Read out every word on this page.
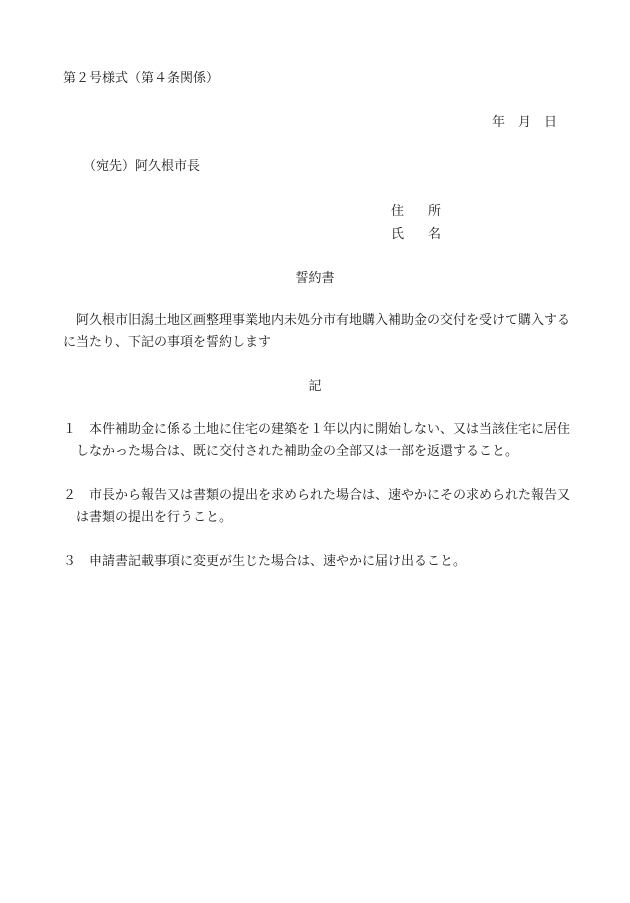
第２号様式（第４条関係）
年 月 日
（宛先）阿久根市長
住 所
氏 名
誓約書
阿久根市旧潟土地区画整理事業地内未処分市有地購入補助金の交付を受けて購入するに当たり、下記の事項を誓約します
記
１ 本件補助金に係る土地に住宅の建築を１年以内に開始しない、又は当該住宅に居住しなかった場合は、既に交付された補助金の全部又は一部を返還すること。
２ 市長から報告又は書類の提出を求められた場合は、速やかにその求められた報告又は書類の提出を行うこと。
３ 申請書記載事項に変更が生じた場合は、速やかに届け出ること。
